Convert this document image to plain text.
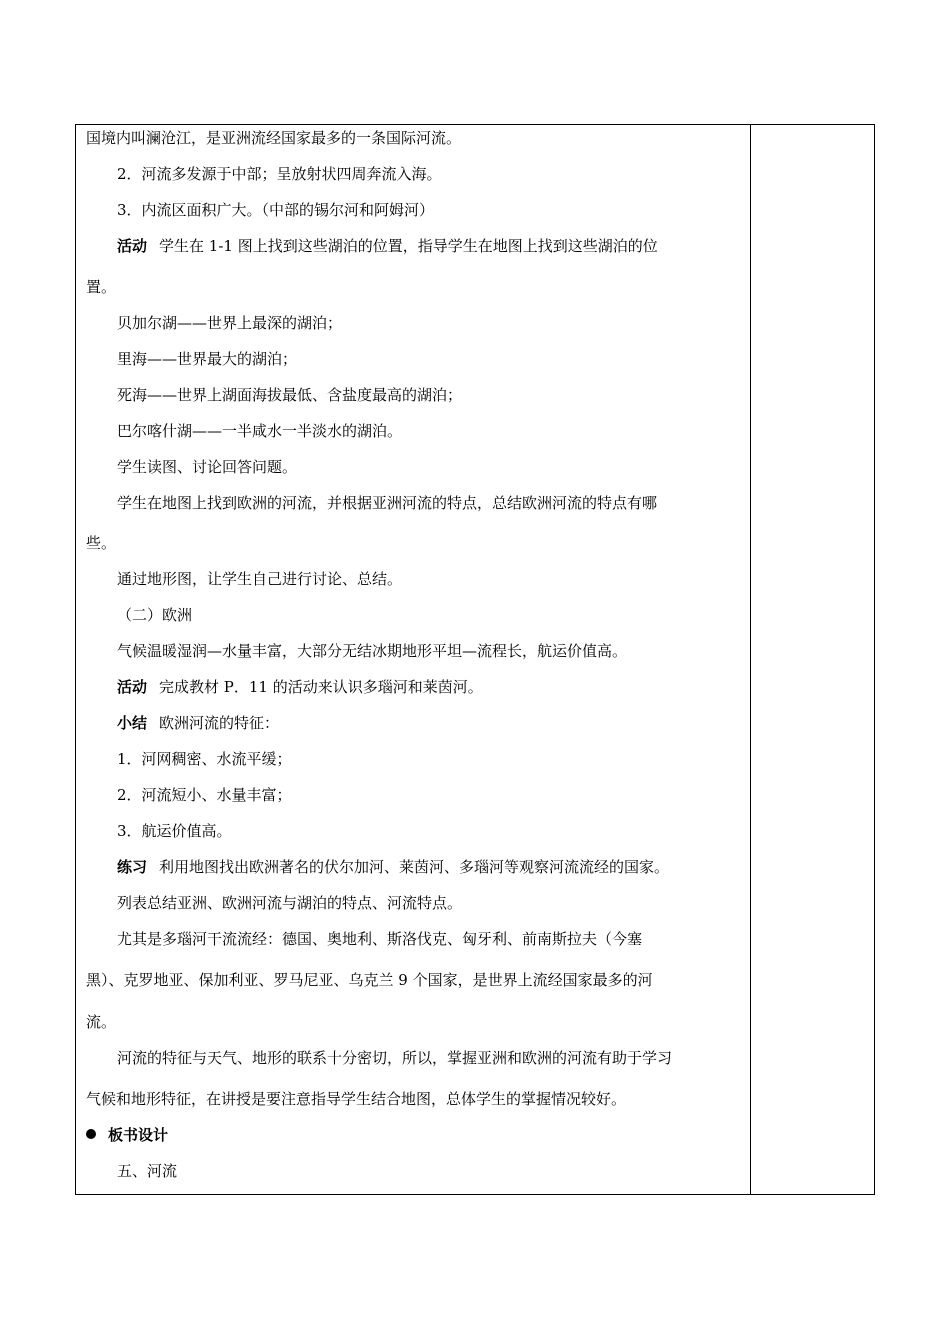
国境内叫澜沧江，是亚洲流经国家最多的一条国际河流。
2．河流多发源于中部；呈放射状四周奔流入海。
3．内流区面积广大。（中部的锡尔河和阿姆河）
活动 学生在 1-1 图上找到这些湖泊的位置，指导学生在地图上找到这些湖泊的位
置。
贝加尔湖——世界上最深的湖泊；
里海——世界最大的湖泊；
死海——世界上湖面海拔最低、含盐度最高的湖泊；
巴尔喀什湖——一半咸水一半淡水的湖泊。
学生读图、讨论回答问题。
学生在地图上找到欧洲的河流，并根据亚洲河流的特点，总结欧洲河流的特点有哪
些。
通过地形图，让学生自己进行讨论、总结。
（二）欧洲
气候温暖湿润—水量丰富，大部分无结冰期地形平坦—流程长，航运价值高。
活动 完成教材 P．11 的活动来认识多瑙河和莱茵河。
小结 欧洲河流的特征：
1．河网稠密、水流平缓；
2．河流短小、水量丰富；
3．航运价值高。
练习 利用地图找出欧洲著名的伏尔加河、莱茵河、多瑙河等观察河流流经的国家。
列表总结亚洲、欧洲河流与湖泊的特点、河流特点。
尤其是多瑙河干流流经：德国、奥地利、斯洛伐克、匈牙利、前南斯拉夫（今塞
黑）、克罗地亚、保加利亚、罗马尼亚、乌克兰 9 个国家，是世界上流经国家最多的河
流。
河流的特征与天气、地形的联系十分密切，所以，掌握亚洲和欧洲的河流有助于学习
气候和地形特征，在讲授是要注意指导学生结合地图，总体学生的掌握情况较好。
板书设计
五、河流
